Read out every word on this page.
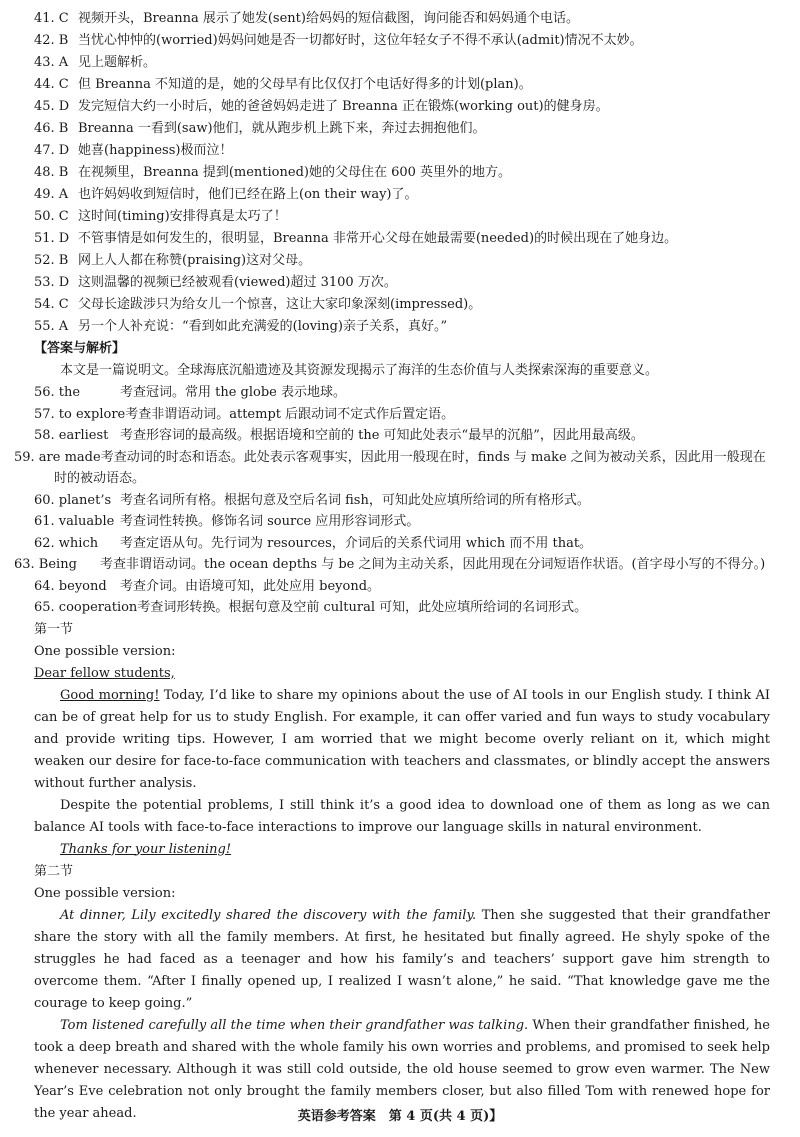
41. C 视频开头，Breanna 展示了她发(sent)给妈妈的短信截图，询问能否和妈妈通个电话。
42. B 当忧心忡忡的(worried)妈妈问她是否一切都好时，这位年轻女子不得不承认(admit)情况不太妙。
43. A 见上题解析。
44. C 但 Breanna 不知道的是，她的父母早有比仅仅打个电话好得多的计划(plan)。
45. D 发完短信大约一小时后，她的爸爸妈妈走进了 Breanna 正在锻炼(working out)的健身房。
46. B Breanna 一看到(saw)他们，就从跑步机上跳下来，奔过去拥抱他们。
47. D 她喜(happiness)极而泣！
48. B 在视频里，Breanna 提到(mentioned)她的父母住在 600 英里外的地方。
49. A 也许妈妈收到短信时，他们已经在路上(on their way)了。
50. C 这时间(timing)安排得真是太巧了！
51. D 不管事情是如何发生的，很明显，Breanna 非常开心父母在她最需要(needed)的时候出现在了她身边。
52. B 网上人人都在称赞(praising)这对父母。
53. D 这则温馨的视频已经被观看(viewed)超过 3100 万次。
54. C 父母长途跋涉只为给女儿一个惊喜，这让大家印象深刻(impressed)。
55. A 另一个人补充说：“看到如此充满爱的(loving)亲子关系，真好。”
【答案与解析】
本文是一篇说明文。全球海底沉船遗迹及其资源发现揭示了海洋的生态价值与人类探索深海的重要意义。
56. the	考查冠词。常用 the globe 表示地球。
57. to explore考查非谓语动词。attempt 后跟动词不定式作后置定语。
58. earliest 考查形容词的最高级。根据语境和空前的 the 可知此处表示“最早的沉船”，因此用最高级。
59. are made考查动词的时态和语态。此处表示客观事实，因此用一般现在时，finds 与 make 之间为被动关系，因此用一般现在时的被动语态。
60. planet’s 考查名词所有格。根据句意及空后名词 fish，可知此处应填所给词的所有格形式。
61. valuable 考查词性转换。修饰名词 source 应用形容词形式。
62. which 考查定语从句。先行词为 resources，介词后的关系代词用 which 而不用 that。
63. Being 考查非谓语动词。the ocean depths 与 be 之间为主动关系，因此用现在分词短语作状语。(首字母小写的不得分。)
64. beyond 考查介词。由语境可知，此处应用 beyond。
65. cooperation考查词形转换。根据句意及空前 cultural 可知，此处应填所给词的名词形式。
第一节
One possible version:
Dear fellow students,
Good morning! Today, I’d like to share my opinions about the use of AI tools in our English study. I think AI can be of great help for us to study English. For example, it can offer varied and fun ways to study vocabulary and provide writing tips. However, I am worried that we might become overly reliant on it, which might weaken our desire for face-to-face communication with teachers and classmates, or blindly accept the answers without further analysis.
Despite the potential problems, I still think it’s a good idea to download one of them as long as we can balance AI tools with face-to-face interactions to improve our language skills in natural environment.
Thanks for your listening!
第二节
One possible version:
At dinner, Lily excitedly shared the discovery with the family. Then she suggested that their grandfather share the story with all the family members. At first, he hesitated but finally agreed. He shyly spoke of the struggles he had faced as a teenager and how his family’s and teachers’ support gave him strength to overcome them. “After I finally opened up, I realized I wasn’t alone,” he said. “That knowledge gave me the courage to keep going.”
Tom listened carefully all the time when their grandfather was talking. When their grandfather finished, he took a deep breath and shared with the whole family his own worries and problems, and promised to seek help whenever necessary. Although it was still cold outside, the old house seemed to grow even warmer. The New Year’s Eve celebration not only brought the family members closer, but also filled Tom with renewed hope for the year ahead.	英语参考答案　第 4 页(共 4 页)】
